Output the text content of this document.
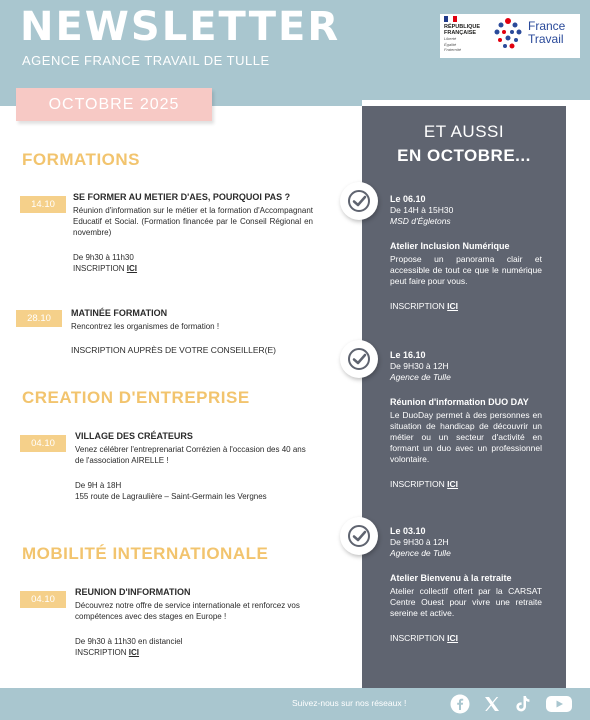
NEWSLETTER
AGENCE FRANCE TRAVAIL DE TULLE
RÉPUBLIQUE
FRANÇAISE
Liberté
Égalité
Fraternité
France
Travail
OCTOBRE 2025
ET AUSSI
EN OCTOBRE...
Le 06.10
De 14H à 15H30
MSD d'Égletons
Atelier Inclusion Numérique
Propose un panorama clair et accessible de tout ce que le numérique peut faire pour vous.
INSCRIPTION ICI
Le 16.10
De 9H30 à 12H
Agence de Tulle
Réunion d'information DUO DAY
Le DuoDay permet à des personnes en situation de handicap de découvrir un métier ou un secteur d'activité en formant un duo avec un professionnel volontaire.
INSCRIPTION ICI
Le 03.10
De 9H30 à 12H
Agence de Tulle
Atelier Bienvenu à la retraite
Atelier collectif offert par la CARSAT Centre Ouest pour vivre une retraite sereine et active.
INSCRIPTION ICI
FORMATIONS
14.10
SE FORMER AU METIER D'AES, POURQUOI PAS ?
Réunion d'information sur le métier et la formation d'Accompagnant Educatif et Social. (Formation financée par le Conseil Régional en novembre)
De 9h30 à 11h30
INSCRIPTION ICI
28.10	MATINÉE FORMATION
Rencontrez les organismes de formation !
INSCRIPTION AUPRÈS DE VOTRE CONSEILLER(E)
CREATION D'ENTREPRISE
04.10
VILLAGE DES CRÉATEURS
Venez célébrer l'entreprenariat Corrézien à l'occasion des 40 ans de l'association AIRELLE !
De 9H à 18H
155 route de Lagraulière – Saint-Germain les Vergnes
MOBILITÉ INTERNATIONALE
04.10
REUNION D'INFORMATION
Découvrez notre offre de service internationale et renforcez vos compétences avec des stages en Europe !
De 9h30 à 11h30 en distanciel
INSCRIPTION ICI
Suivez-nous sur nos réseaux !
